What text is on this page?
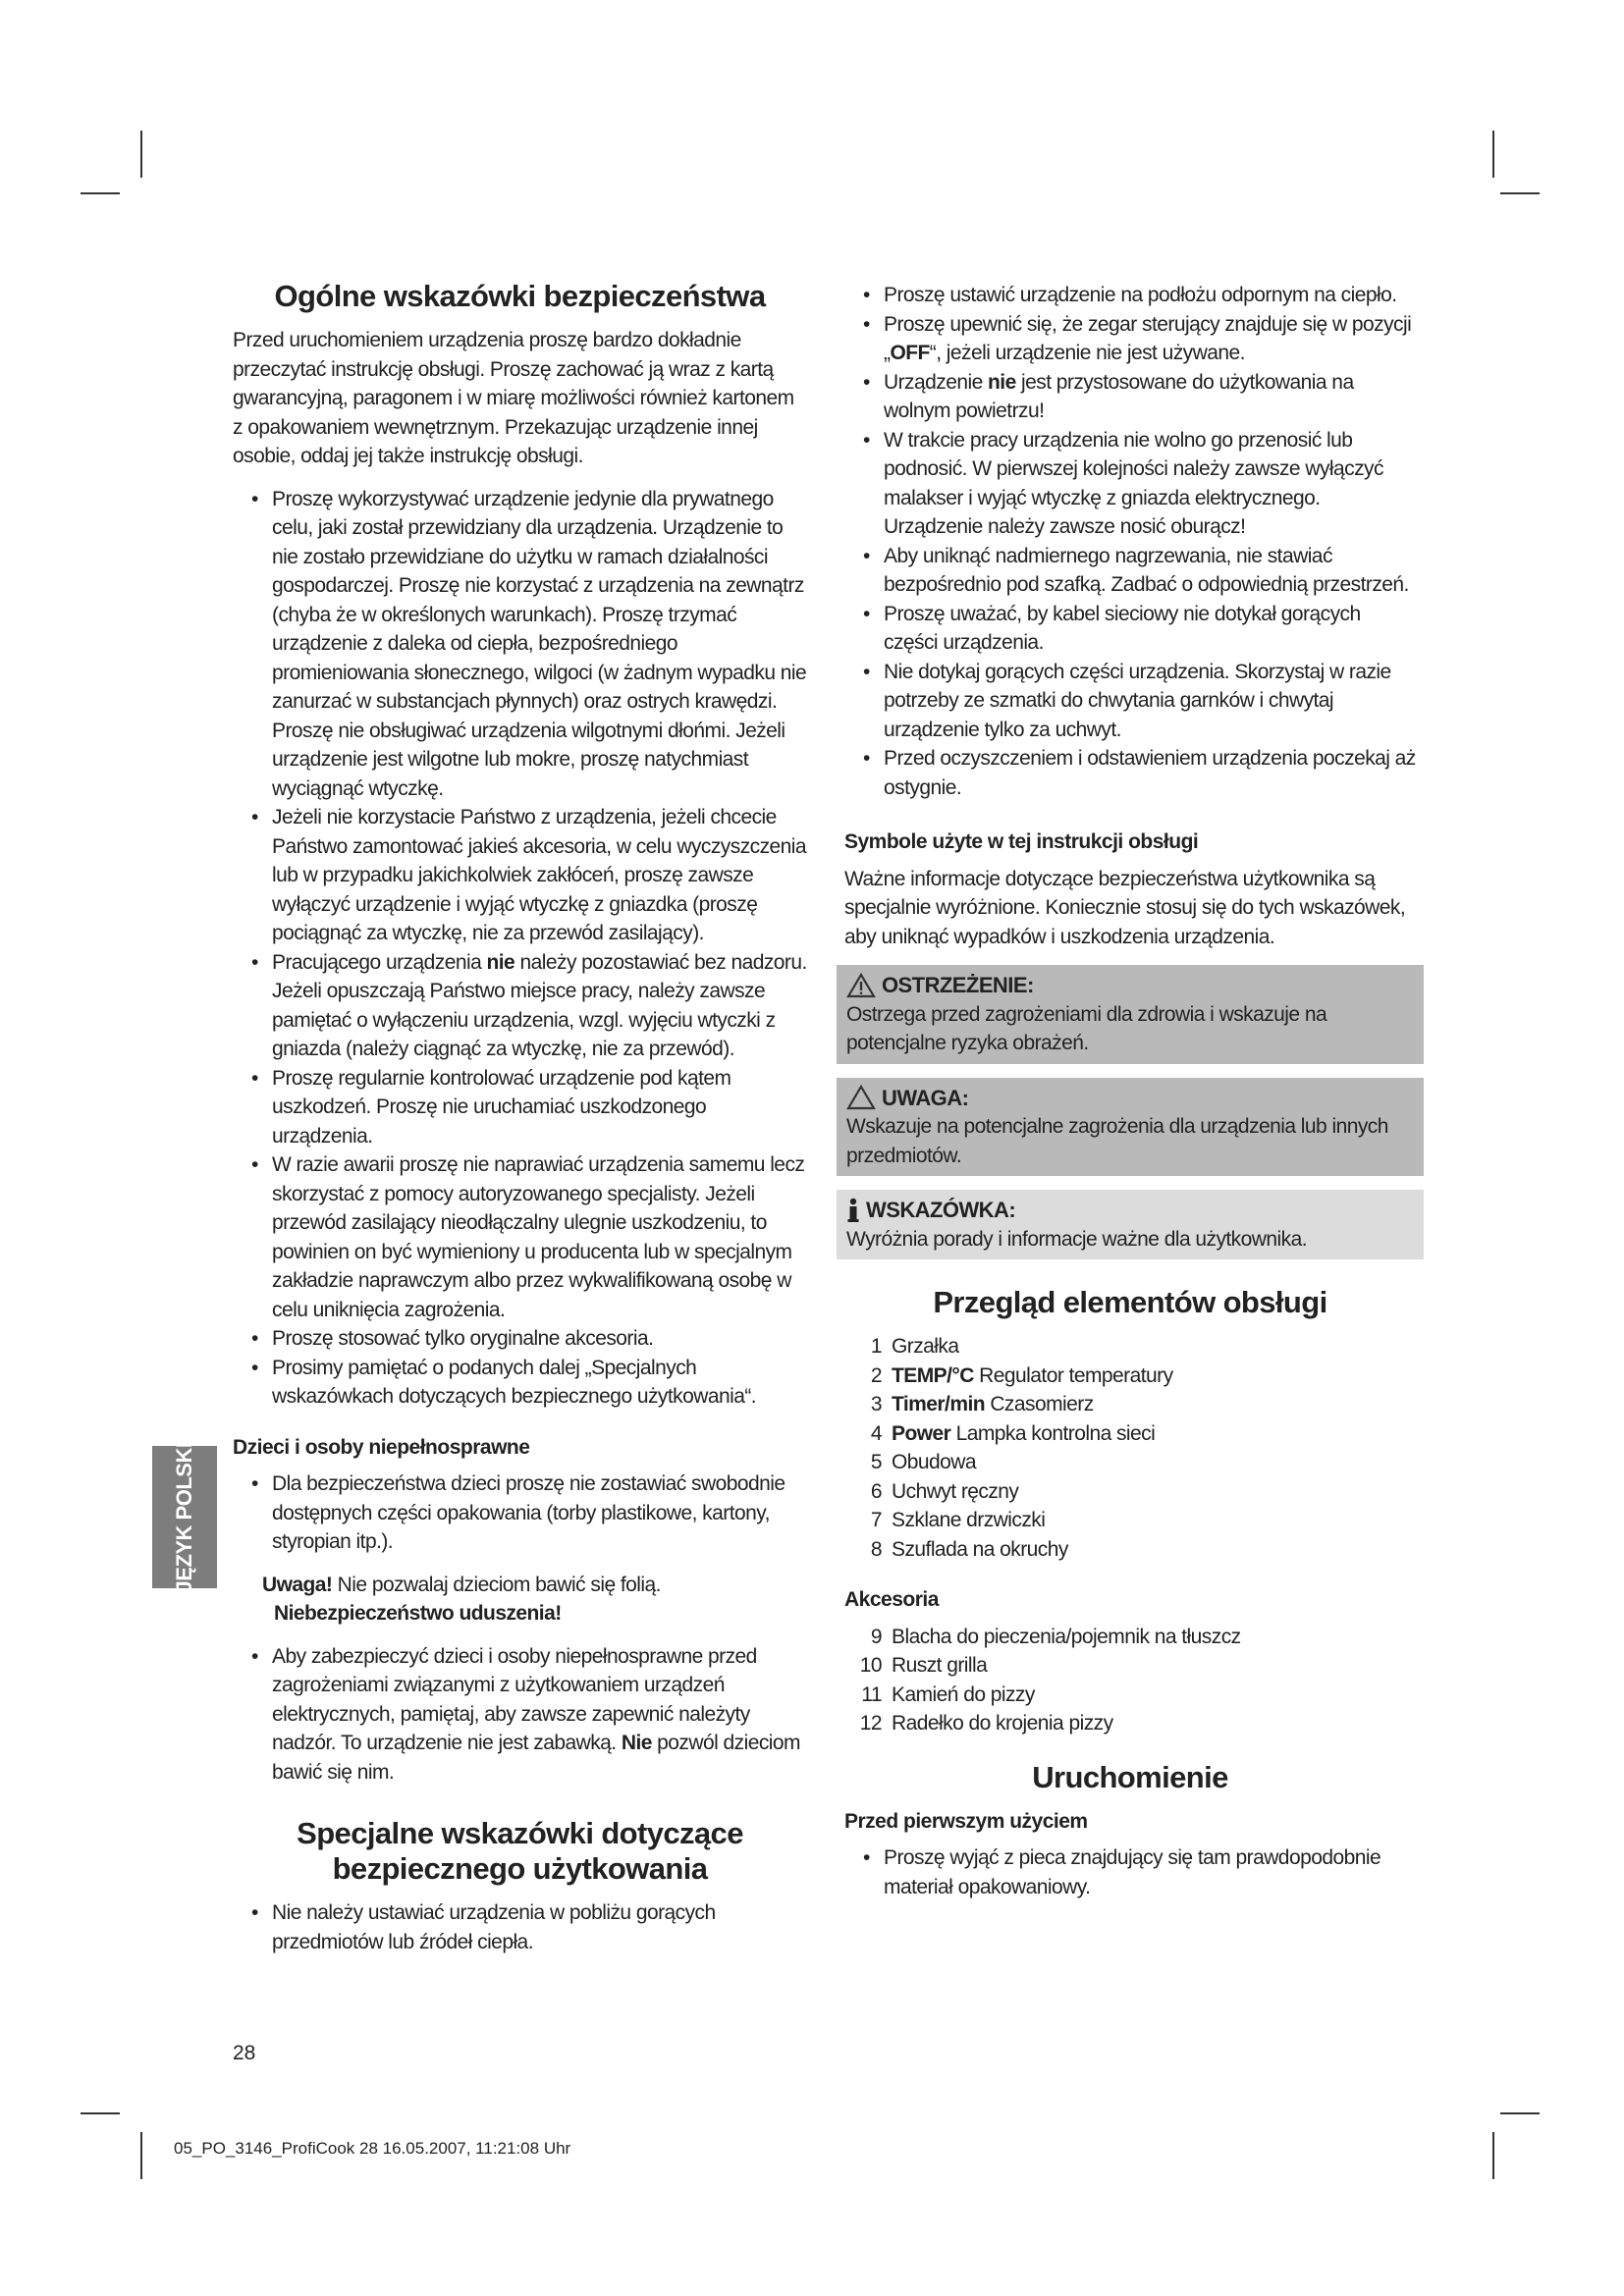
JĘZYK POLSKI
Ogólne wskazówki bezpieczeństwa

Przed uruchomieniem urządzenia proszę bardzo dokładnie przeczytać instrukcję obsługi. Proszę zachować ją wraz z kartą gwarancyjną, paragonem i w miarę możliwości również kartonem z opakowaniem wewnętrznym. Przekazując urządzenie innej osobie, oddaj jej także instrukcję obsługi.

• Proszę wykorzystywać urządzenie jedynie dla prywatnego celu, jaki został przewidziany dla urządzenia. Urządzenie to nie zostało przewidziane do użytku w ramach działalności gospodarczej. Proszę nie korzystać z urządzenia na zewnątrz (chyba że w określonych warunkach). Proszę trzymać urządzenie z daleka od ciepła, bezpośredniego promieniowania słonecznego, wilgoci (w żadnym wypadku nie zanurzać w substancjach płynnych) oraz ostrych krawędzi. Proszę nie obsługiwać urządzenia wilgotnymi dłońmi. Jeżeli urządzenie jest wilgotne lub mokre, proszę natychmiast wyciągnąć wtyczkę.
• Jeżeli nie korzystacie Państwo z urządzenia, jeżeli chcecie Państwo zamontować jakieś akcesoria, w celu wyczyszczenia lub w przypadku jakichkolwiek zakłóceń, proszę zawsze wyłączyć urządzenie i wyjąć wtyczkę z gniazdka (proszę pociągnąć za wtyczkę, nie za przewód zasilający).
• Pracującego urządzenia nie należy pozostawiać bez nadzoru. Jeżeli opuszczają Państwo miejsce pracy, należy zawsze pamiętać o wyłączeniu urządzenia, wzgl. wyjęciu wtyczki z gniazda (należy ciągnąć za wtyczkę, nie za przewód).
• Proszę regularnie kontrolować urządzenie pod kątem uszkodzeń. Proszę nie uruchamiać uszkodzonego urządzenia.
• W razie awarii proszę nie naprawiać urządzenia samemu lecz skorzystać z pomocy autoryzowanego specjalisty. Jeżeli przewód zasilający nieodłączalny ulegnie uszkodzeniu, to powinien on być wymieniony u producenta lub w specjalnym zakładzie naprawczym albo przez wykwalifikowaną osobę w celu uniknięcia zagrożenia.
• Proszę stosować tylko oryginalne akcesoria.
• Prosimy pamiętać o podanych dalej „Specjalnych wskazówkach dotyczących bezpiecznego użytkowania“.
Dzieci i osoby niepełnosprawne
• Dla bezpieczeństwa dzieci proszę nie zostawiać swobodnie dostępnych części opakowania (torby plastikowe, kartony, styropian itp.).
Uwaga! Nie pozwalaj dzieciom bawić się folią.
Niebezpieczeństwo uduszenia!
• Aby zabezpieczyć dzieci i osoby niepełnosprawne przed zagrożeniami związanymi z użytkowaniem urządzeń elektrycznych, pamiętaj, aby zawsze zapewnić należyty nadzór. To urządzenie nie jest zabawką. Nie pozwól dzieciom bawić się nim.
Specjalne wskazówki dotyczące bezpiecznego użytkowania
• Nie należy ustawiać urządzenia w pobliżu gorących przedmiotów lub źródeł ciepła.
• Proszę ustawić urządzenie na podłożu odpornym na ciepło.
• Proszę upewnić się, że zegar sterujący znajduje się w pozycji „OFF“, jeżeli urządzenie nie jest używane.
• Urządzenie nie jest przystosowane do użytkowania na wolnym powietrzu!
• W trakcie pracy urządzenia nie wolno go przenosić lub podnosić. W pierwszej kolejności należy zawsze wyłączyć malakser i wyjąć wtyczkę z gniazda elektrycznego. Urządzenie należy zawsze nosić oburącz!
• Aby uniknąć nadmiernego nagrzewania, nie stawiać bezpośrednio pod szafką. Zadbać o odpowiednią przestrzeń.
• Proszę uważać, by kabel sieciowy nie dotykał gorących części urządzenia.
• Nie dotykaj gorących części urządzenia. Skorzystaj w razie potrzeby ze szmatki do chwytania garnków i chwytaj urządzenie tylko za uchwyt.
• Przed oczyszczeniem i odstawieniem urządzenia poczekaj aż ostygnie.
Symbole użyte w tej instrukcji obsługi

Ważne informacje dotyczące bezpieczeństwa użytkownika są specjalnie wyróżnione. Koniecznie stosuj się do tych wskazówek, aby uniknąć wypadków i uszkodzenia urządzenia.

OSTRZEŻENIE:
Ostrzega przed zagrożeniami dla zdrowia i wskazuje na potencjalne ryzyka obrażeń.
UWAGA:
Wskazuje na potencjalne zagrożenia dla urządzenia lub innych przedmiotów.
WSKAZÓWKA:
Wyróżnia porady i informacje ważne dla użytkownika.
Przegląd elementów obsługi
1 Grzałka
2 TEMP/°C Regulator temperatury
3 Timer/min Czasomierz
4 Power Lampka kontrolna sieci
5 Obudowa
6 Uchwyt ręczny
7 Szklane drzwiczki
8 Szuflada na okruchy
Akcesoria
9 Blacha do pieczenia/pojemnik na tłuszcz
10 Ruszt grilla
11 Kamień do pizzy
12 Radełko do krojenia pizzy
Uruchomienie
Przed pierwszym użyciem
• Proszę wyjąć z pieca znajdujący się tam prawdopodobnie materiał opakowaniowy.
28
05_PO_3146_ProfiCook 28 16.05.2007, 11:21:08 Uhr
